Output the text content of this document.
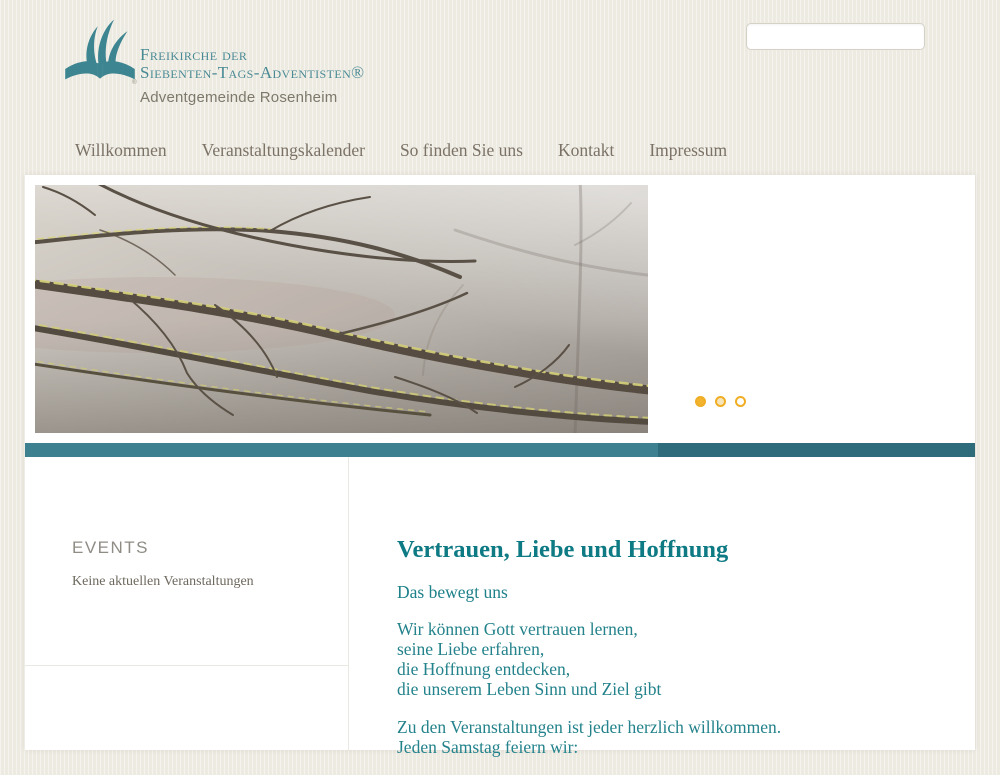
®
Freikirche der
Siebenten-Tags-Adventisten®
Adventgemeinde Rosenheim
Willkommen Veranstaltungskalender So finden Sie uns Kontakt Impressum
EVENTS
Keine aktuellen Veranstaltungen
Vertrauen, Liebe und Hoffnung
Das bewegt uns
Wir können Gott vertrauen lernen,
seine Liebe erfahren,
die Hoffnung entdecken,
die unserem Leben Sinn und Ziel gibt
Zu den Veranstaltungen ist jeder herzlich willkommen.
Jeden Samstag feiern wir:
